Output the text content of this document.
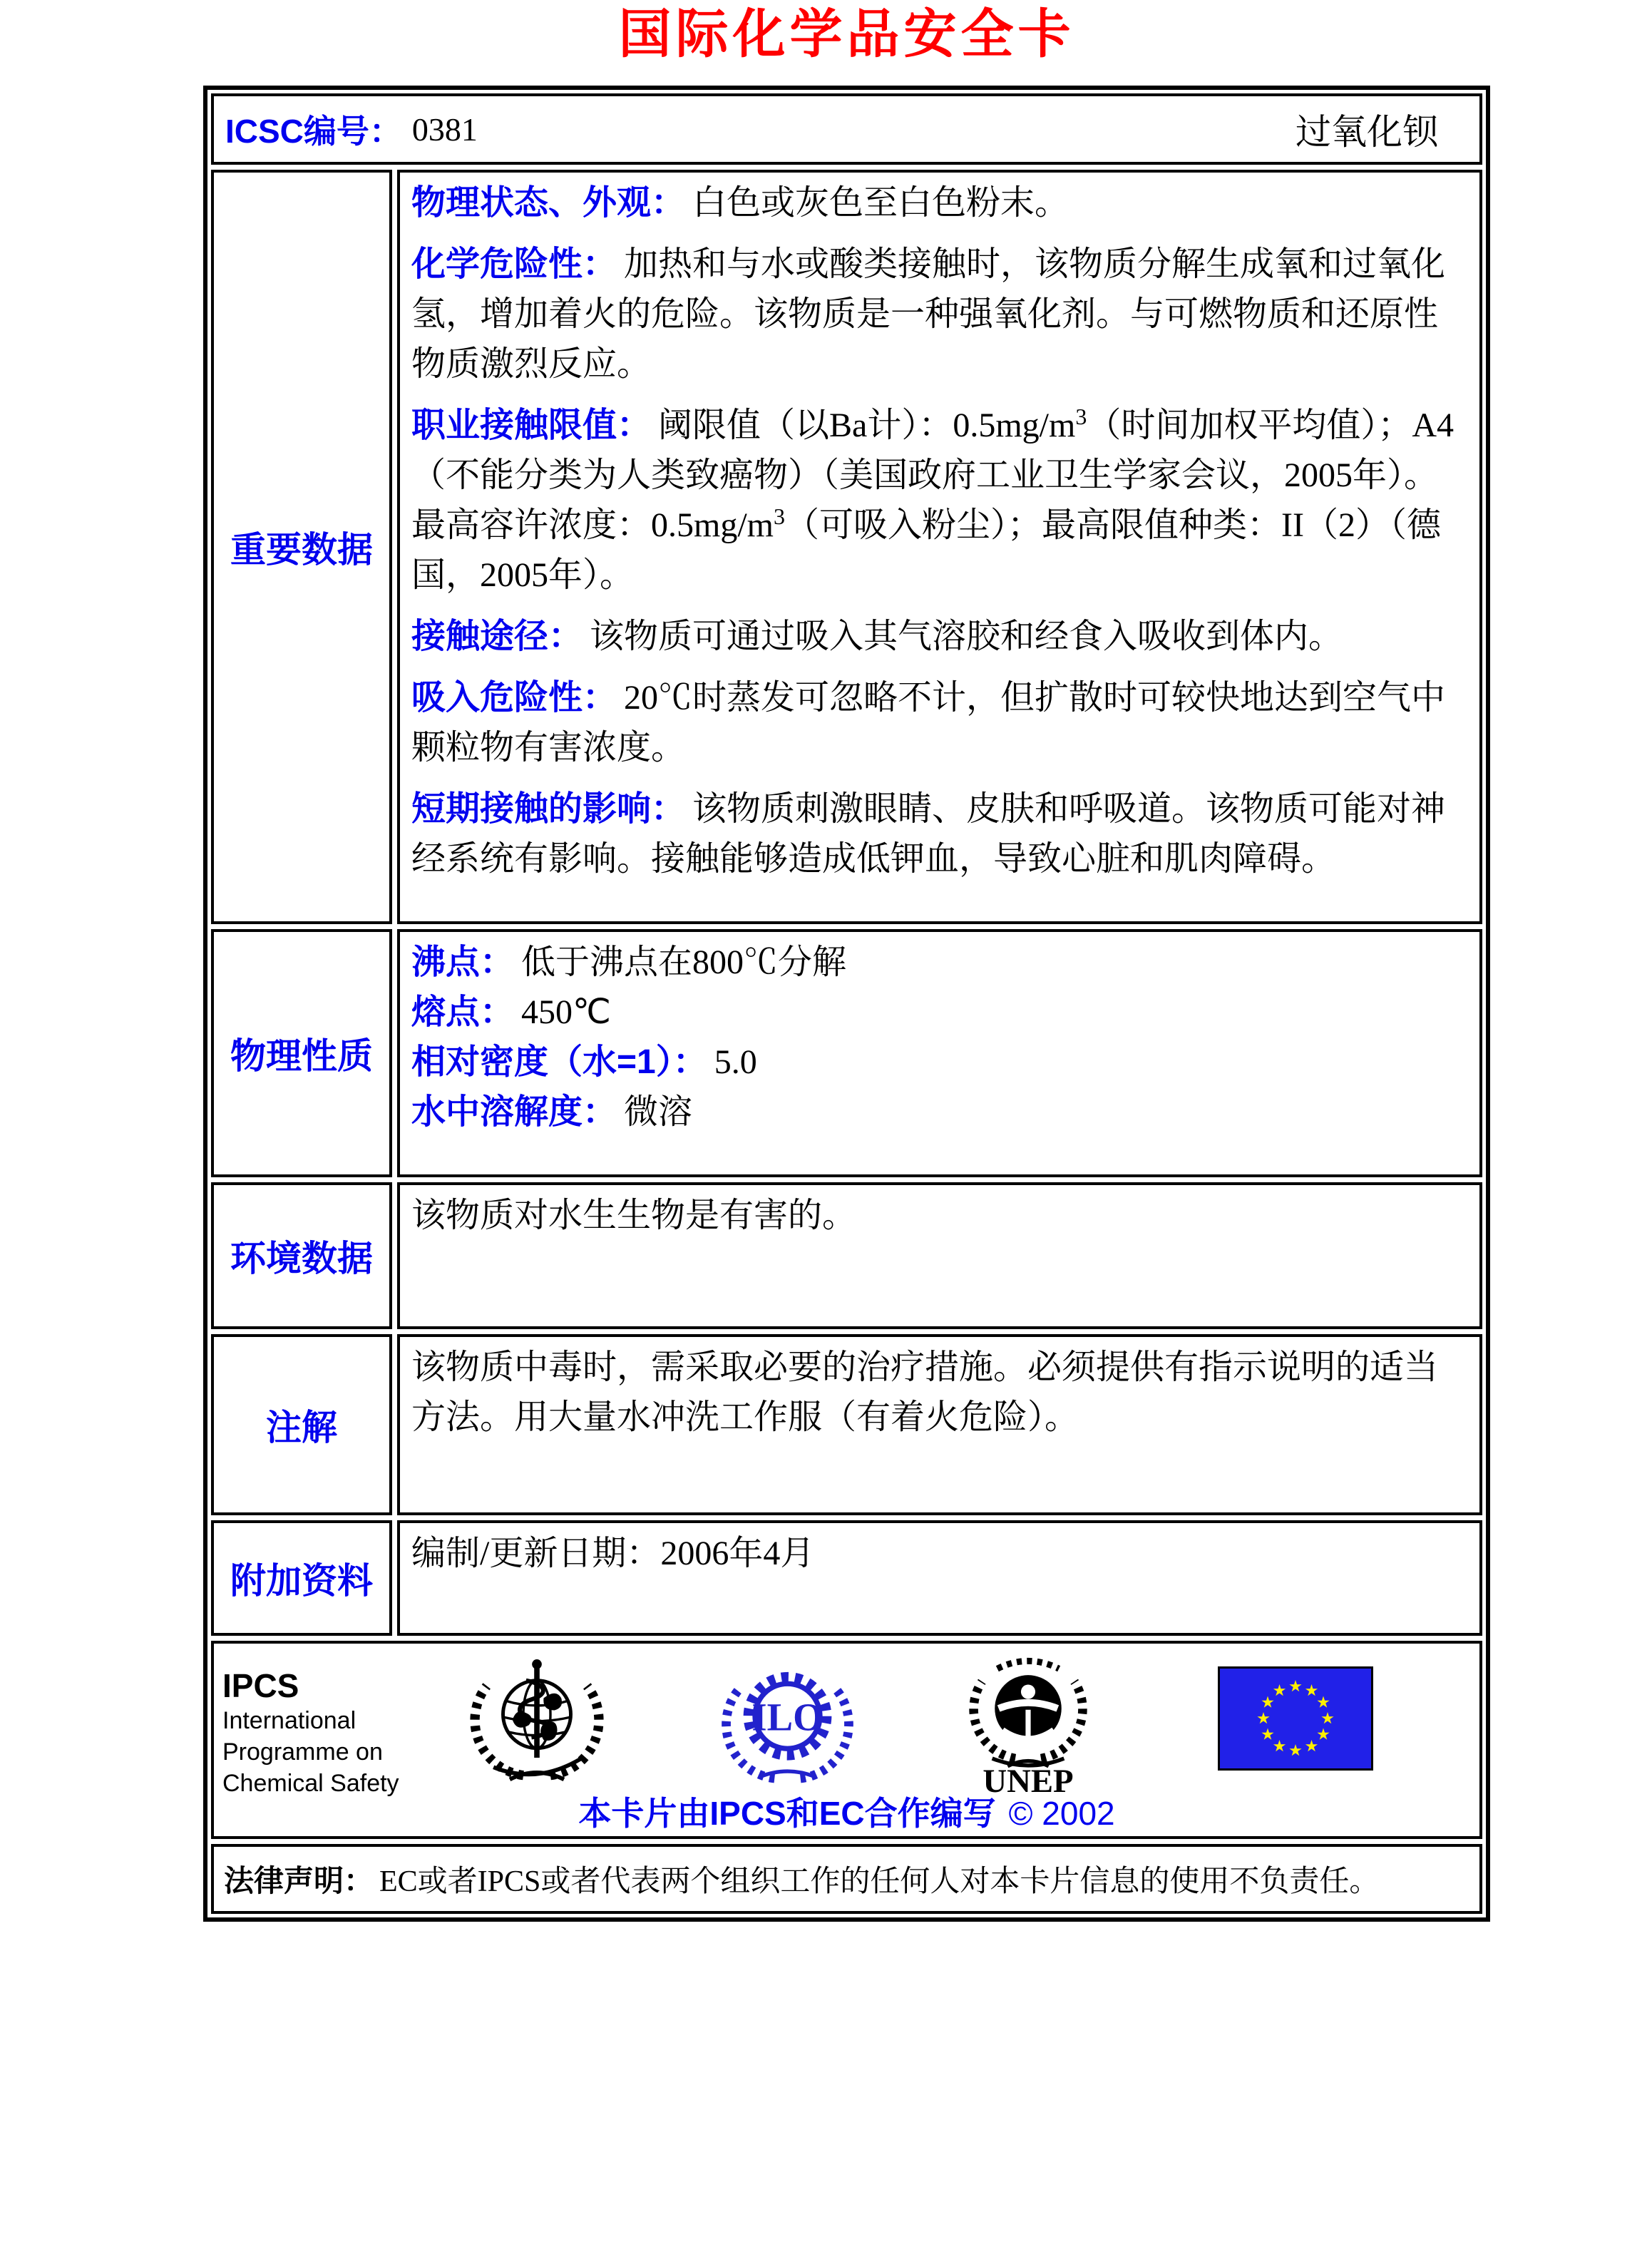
国际化学品安全卡
ICSC编号： 0381	过氧化钡
重要数据

物理状态、外观： 白色或灰色至白色粉末。

化学危险性： 加热和与水或酸类接触时，该物质分解生成氧和过氧化氢，增加着火的危险。该物质是一种强氧化剂。与可燃物质和还原性物质激烈反应。

职业接触限值： 阈限值（以Ba计）：$0.5mg/m^3$（时间加权平均值）；A4（不能分类为人类致癌物）（美国政府工业卫生学家会议，2005年）。最高容许浓度：$0.5mg/m^3$（可吸入粉尘）；最高限值种类：II（2）（德国，2005年）。

接触途径： 该物质可通过吸入其气溶胶和经食入吸收到体内。

吸入危险性： 20℃时蒸发可忽略不计，但扩散时可较快地达到空气中颗粒物有害浓度。

短期接触的影响： 该物质刺激眼睛、皮肤和呼吸道。该物质可能对神经系统有影响。接触能够造成低钾血，导致心脏和肌肉障碍。

物理性质

沸点： 低于沸点在800℃分解

熔点： 450℃

相对密度（水=1）： 5.0

水中溶解度： 微溶

环境数据
该物质对水生生物是有害的。
注解
该物质中毒时，需采取必要的治疗措施。必须提供有指示说明的适当方法。用大量水冲洗工作服（有着火危险）。
附加资料
编制/更新日期：2006年4月
IPCS
International
Programme on
Chemical Safety
ILO
UNEP
本卡片由IPCS和EC合作编写 © 2002
法律声明： EC或者IPCS或者代表两个组织工作的任何人对本卡片信息的使用不负责任。
